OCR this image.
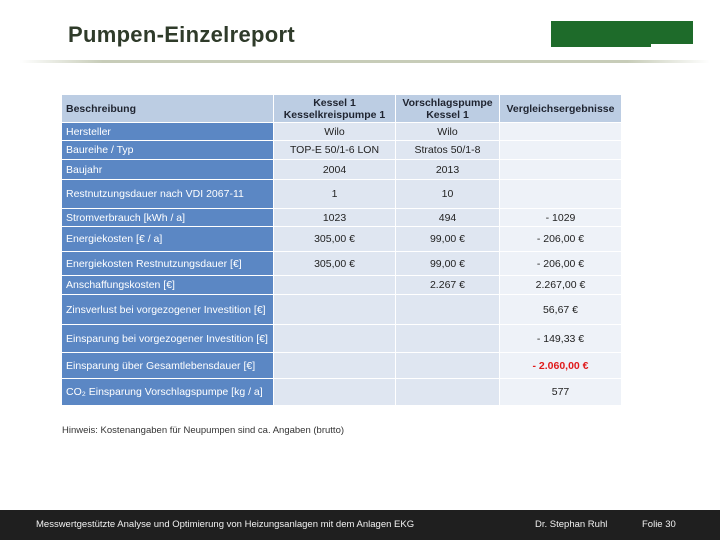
Pumpen-Einzelreport
Beschreibung	Kessel 1 Kesselkreispumpe 1	Vorschlagspumpe Kessel 1	Vergleichsergebnisse
Hersteller	Wilo	Wilo	
Baureihe / Typ	TOP-E 50/1-6 LON	Stratos 50/1-8	
Baujahr	2004	2013	
Restnutzungsdauer nach VDI 2067-11	1	10	
Stromverbrauch [kWh / a]	1023	494	- 1029
Energiekosten [€ / a]	305,00 €	99,00 €	- 206,00 €
Energiekosten Restnutzungsdauer [€]	305,00 €	99,00 €	- 206,00 €
Anschaffungskosten [€]		2.267 €	2.267,00 €
Zinsverlust bei vorgezogener Investition [€]			56,67 €
Einsparung bei vorgezogener Investition [€]			- 149,33 €
Einsparung über Gesamtlebensdauer [€]			- 2.060,00 €
CO₂ Einsparung Vorschlagspumpe [kg / a]			577
Hinweis: Kostenangaben für Neupumpen sind ca. Angaben (brutto)
Messwertgestützte Analyse und Optimierung von Heizungsanlagen mit dem Anlagen EKG	Dr. Stephan Ruhl	Folie 30
